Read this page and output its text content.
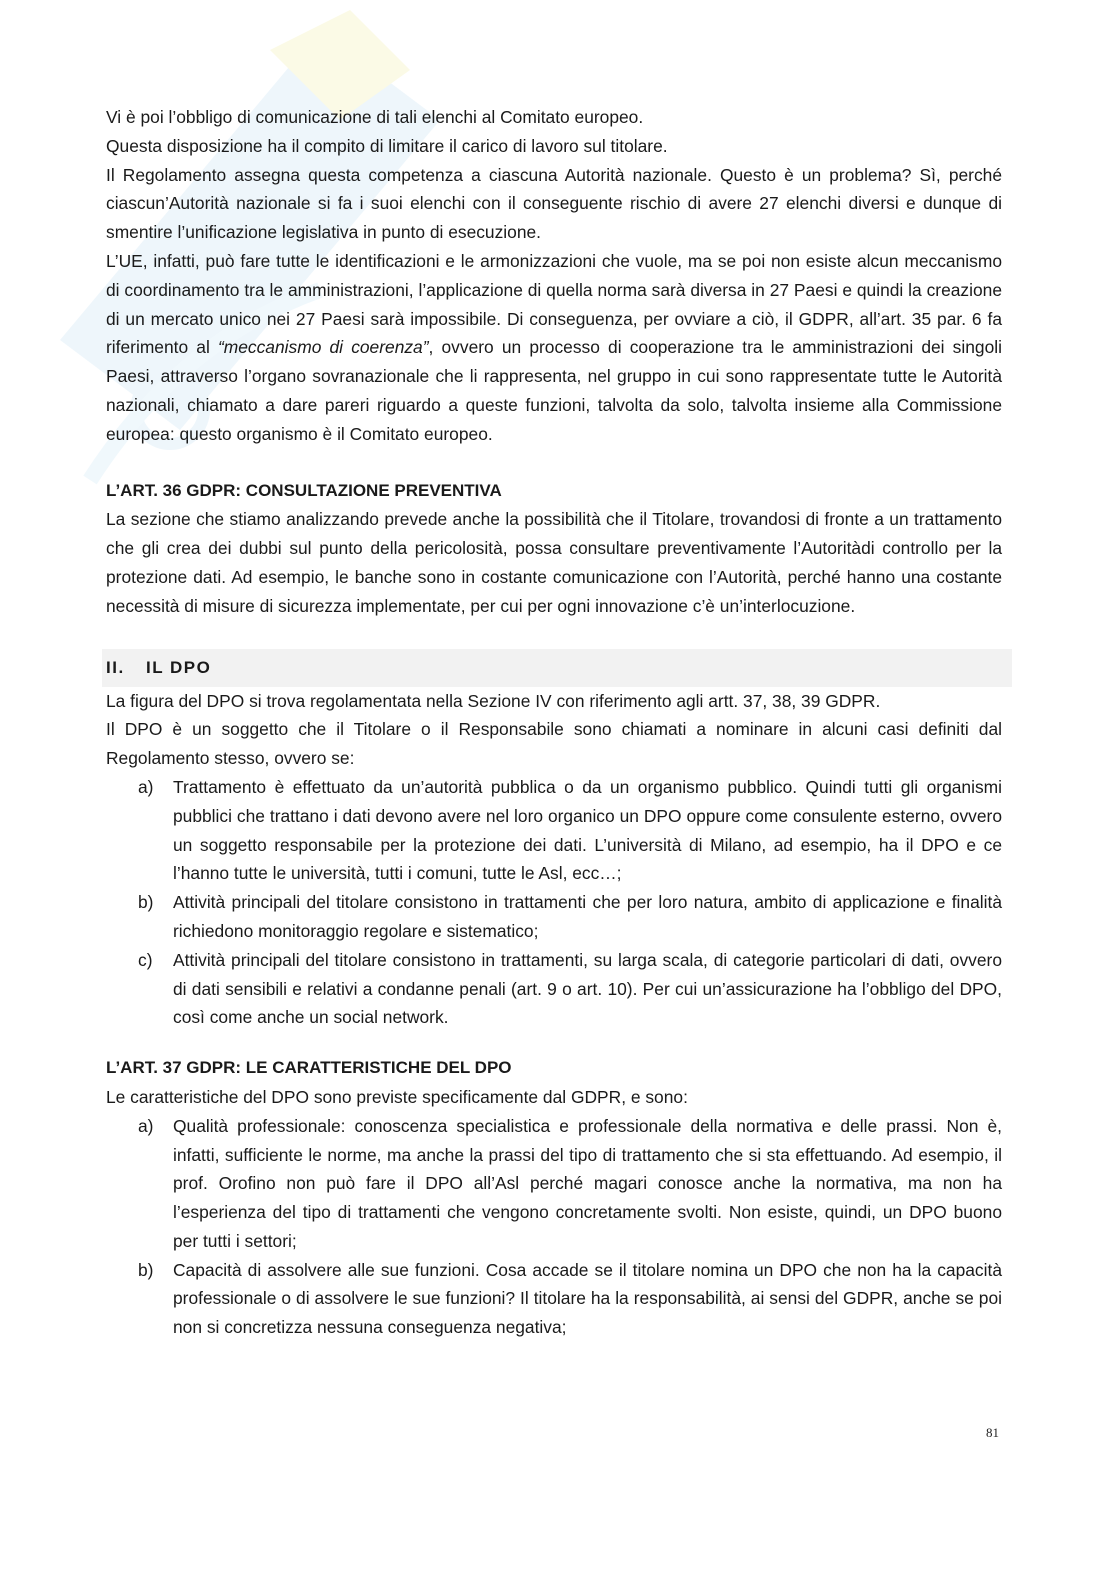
Vi è poi l’obbligo di comunicazione di tali elenchi al Comitato europeo.

Questa disposizione ha il compito di limitare il carico di lavoro sul titolare.

Il Regolamento assegna questa competenza a ciascuna Autorità nazionale. Questo è un problema? Sì, perché ciascun’Autorità nazionale si fa i suoi elenchi con il conseguente rischio di avere 27 elenchi diversi e dunque di smentire l’unificazione legislativa in punto di esecuzione.

L’UE, infatti, può fare tutte le identificazioni e le armonizzazioni che vuole, ma se poi non esiste alcun meccanismo di coordinamento tra le amministrazioni, l’applicazione di quella norma sarà diversa in 27 Paesi e quindi la creazione di un mercato unico nei 27 Paesi sarà impossibile. Di conseguenza, per ovviare a ciò, il GDPR, all’art. 35 par. 6 fa riferimento al “meccanismo di coerenza”, ovvero un processo di cooperazione tra le amministrazioni dei singoli Paesi, attraverso l’organo sovranazionale che li rappresenta, nel gruppo in cui sono rappresentate tutte le Autorità nazionali, chiamato a dare pareri riguardo a queste funzioni, talvolta da solo, talvolta insieme alla Commissione europea: questo organismo è il Comitato europeo.

L’ART. 36 GDPR: CONSULTAZIONE PREVENTIVA

La sezione che stiamo analizzando prevede anche la possibilità che il Titolare, trovandosi di fronte a un trattamento che gli crea dei dubbi sul punto della pericolosità, possa consultare preventivamente l’Autoritàdi controllo per la protezione dati. Ad esempio, le banche sono in costante comunicazione con l’Autorità, perché hanno una costante necessità di misure di sicurezza implementate, per cui per ogni innovazione c’è un’interlocuzione.

II. IL DPO

La figura del DPO si trova regolamentata nella Sezione IV con riferimento agli artt. 37, 38, 39 GDPR.

Il DPO è un soggetto che il Titolare o il Responsabile sono chiamati a nominare in alcuni casi definiti dal Regolamento stesso, ovvero se:

a) Trattamento è effettuato da un’autorità pubblica o da un organismo pubblico. Quindi tutti gli organismi pubblici che trattano i dati devono avere nel loro organico un DPO oppure come consulente esterno, ovvero un soggetto responsabile per la protezione dei dati. L’università di Milano, ad esempio, ha il DPO e ce l’hanno tutte le università, tutti i comuni, tutte le Asl, ecc…;
b) Attività principali del titolare consistono in trattamenti che per loro natura, ambito di applicazione e finalità richiedono monitoraggio regolare e sistematico;
c) Attività principali del titolare consistono in trattamenti, su larga scala, di categorie particolari di dati, ovvero di dati sensibili e relativi a condanne penali (art. 9 o art. 10). Per cui un’assicurazione ha l’obbligo del DPO, così come anche un social network.

L’ART. 37 GDPR: LE CARATTERISTICHE DEL DPO

Le caratteristiche del DPO sono previste specificamente dal GDPR, e sono:

a) Qualità professionale: conoscenza specialistica e professionale della normativa e delle prassi. Non è, infatti, sufficiente le norme, ma anche la prassi del tipo di trattamento che si sta effettuando. Ad esempio, il prof. Orofino non può fare il DPO all’Asl perché magari conosce anche la normativa, ma non ha l’esperienza del tipo di trattamenti che vengono concretamente svolti. Non esiste, quindi, un DPO buono per tutti i settori;
b) Capacità di assolvere alle sue funzioni. Cosa accade se il titolare nomina un DPO che non ha la capacità professionale o di assolvere le sue funzioni? Il titolare ha la responsabilità, ai sensi del GDPR, anche se poi non si concretizza nessuna conseguenza negativa;
81
